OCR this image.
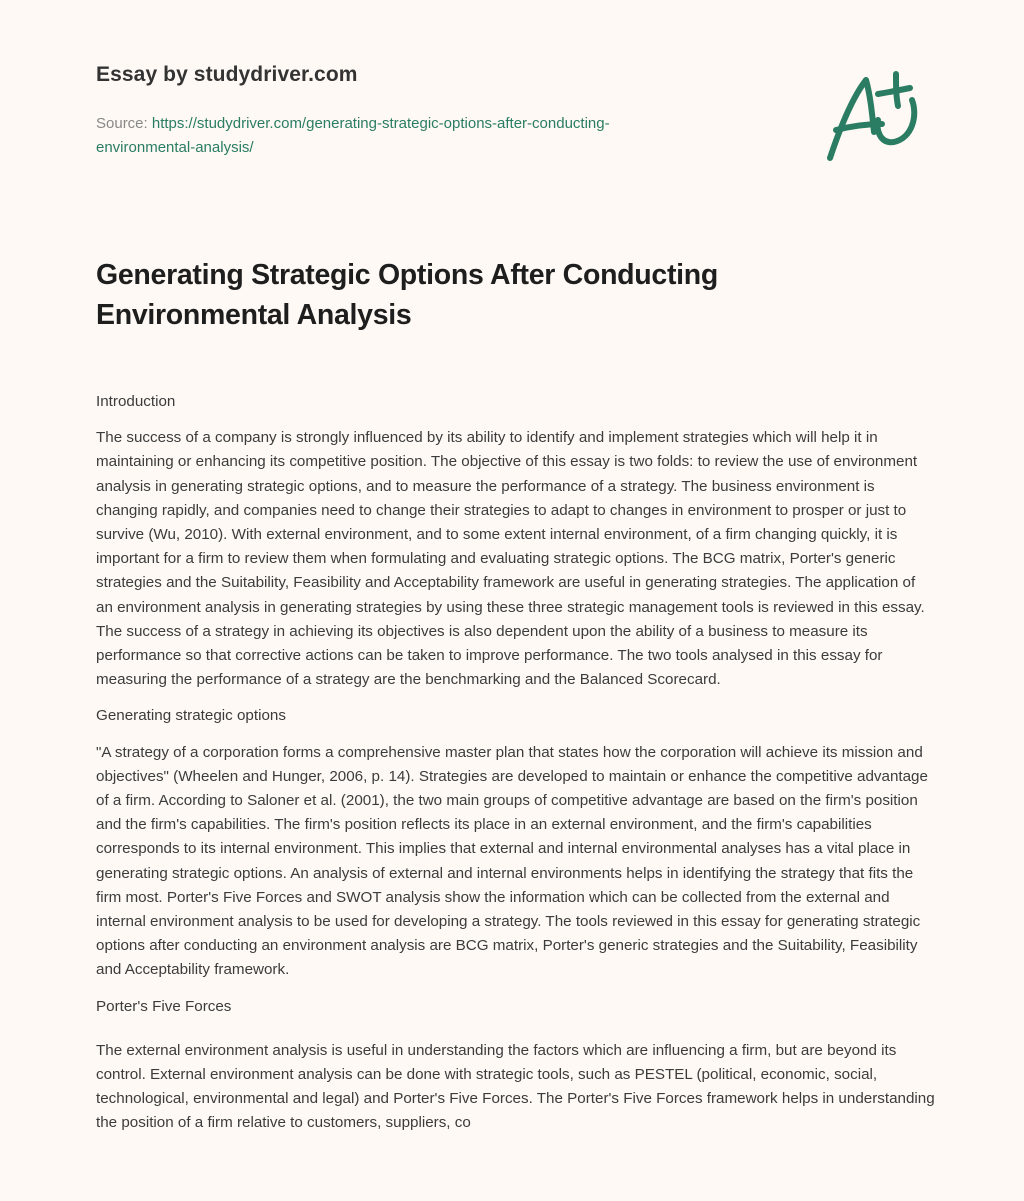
Essay by studydriver.com
Source: https://studydriver.com/generating-strategic-options-after-conducting-environmental-analysis/
Generating Strategic Options After Conducting Environmental Analysis
Introduction

The success of a company is strongly influenced by its ability to identify and implement strategies which will help it in maintaining or enhancing its competitive position. The objective of this essay is two folds: to review the use of environment analysis in generating strategic options, and to measure the performance of a strategy. The business environment is changing rapidly, and companies need to change their strategies to adapt to changes in environment to prosper or just to survive (Wu, 2010). With external environment, and to some extent internal environment, of a firm changing quickly, it is important for a firm to review them when formulating and evaluating strategic options. The BCG matrix, Porter's generic strategies and the Suitability, Feasibility and Acceptability framework are useful in generating strategies. The application of an environment analysis in generating strategies by using these three strategic management tools is reviewed in this essay. The success of a strategy in achieving its objectives is also dependent upon the ability of a business to measure its performance so that corrective actions can be taken to improve performance. The two tools analysed in this essay for measuring the performance of a strategy are the benchmarking and the Balanced Scorecard.

Generating strategic options

"A strategy of a corporation forms a comprehensive master plan that states how the corporation will achieve its mission and objectives" (Wheelen and Hunger, 2006, p. 14). Strategies are developed to maintain or enhance the competitive advantage of a firm. According to Saloner et al. (2001), the two main groups of competitive advantage are based on the firm's position and the firm's capabilities. The firm's position reflects its place in an external environment, and the firm's capabilities corresponds to its internal environment. This implies that external and internal environmental analyses has a vital place in generating strategic options. An analysis of external and internal environments helps in identifying the strategy that fits the firm most. Porter's Five Forces and SWOT analysis show the information which can be collected from the external and internal environment analysis to be used for developing a strategy. The tools reviewed in this essay for generating strategic options after conducting an environment analysis are BCG matrix, Porter's generic strategies and the Suitability, Feasibility and Acceptability framework.

Porter's Five Forces

The external environment analysis is useful in understanding the factors which are influencing a firm, but are beyond its control. External environment analysis can be done with strategic tools, such as PESTEL (political, economic, social, technological, environmental and legal) and Porter's Five Forces. The Porter's Five Forces framework helps in understanding the position of a firm relative to customers, suppliers, co
